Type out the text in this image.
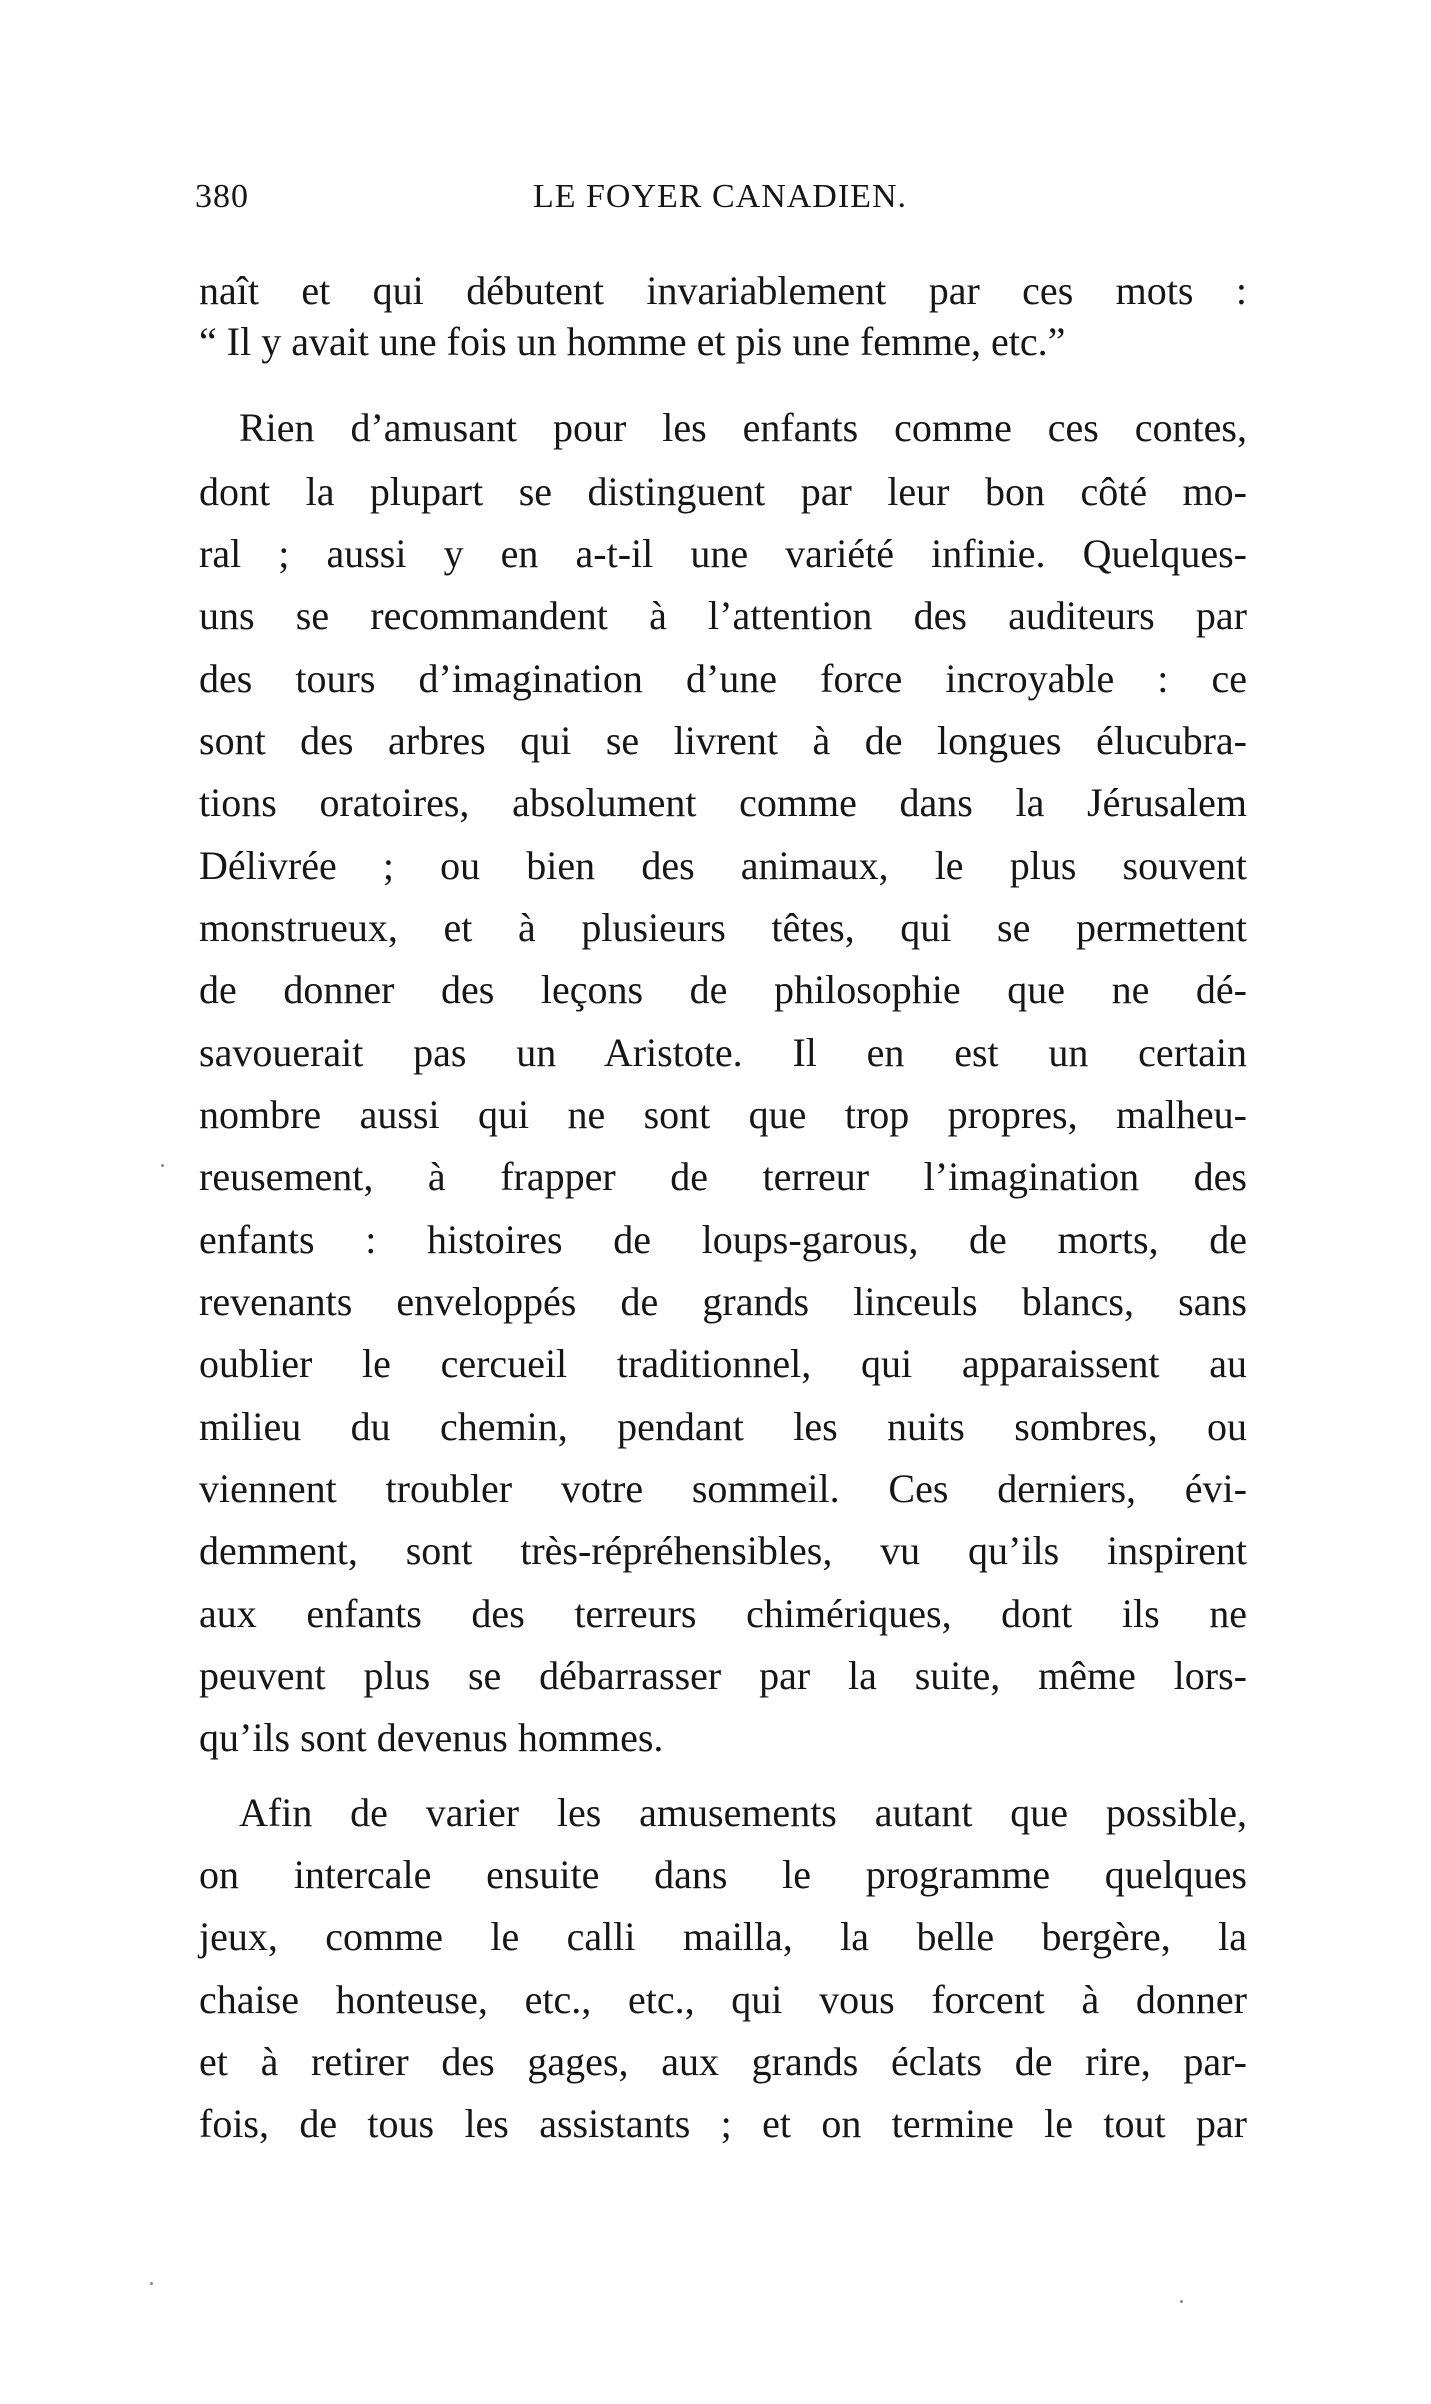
380	LE FOYER CANADIEN.
naît et qui débutent invariablement par ces mots :
“ Il y avait une fois un homme et pis une femme, etc.”
Rien d’amusant pour les enfants comme ces contes,
dont la plupart se distinguent par leur bon côté mo-
ral ; aussi y en a-t-il une variété infinie. Quelques-
uns se recommandent à l’attention des auditeurs par
des tours d’imagination d’une force incroyable : ce
sont des arbres qui se livrent à de longues élucubra-
tions oratoires, absolument comme dans la Jérusalem
Délivrée ; ou bien des animaux, le plus souvent
monstrueux, et à plusieurs têtes, qui se permettent
de donner des leçons de philosophie que ne dé-
savouerait pas un Aristote. Il en est un certain
nombre aussi qui ne sont que trop propres, malheu-
reusement, à frapper de terreur l’imagination des
enfants : histoires de loups-garous, de morts, de
revenants enveloppés de grands linceuls blancs, sans
oublier le cercueil traditionnel, qui apparaissent au
milieu du chemin, pendant les nuits sombres, ou
viennent troubler votre sommeil. Ces derniers, évi-
demment, sont très-répréhensibles, vu qu’ils inspirent
aux enfants des terreurs chimériques, dont ils ne
peuvent plus se débarrasser par la suite, même lors-
qu’ils sont devenus hommes.
Afin de varier les amusements autant que possible,
on intercale ensuite dans le programme quelques
jeux, comme le calli mailla, la belle bergère, la
chaise honteuse, etc., etc., qui vous forcent à donner
et à retirer des gages, aux grands éclats de rire, par-
fois, de tous les assistants ; et on termine le tout par
